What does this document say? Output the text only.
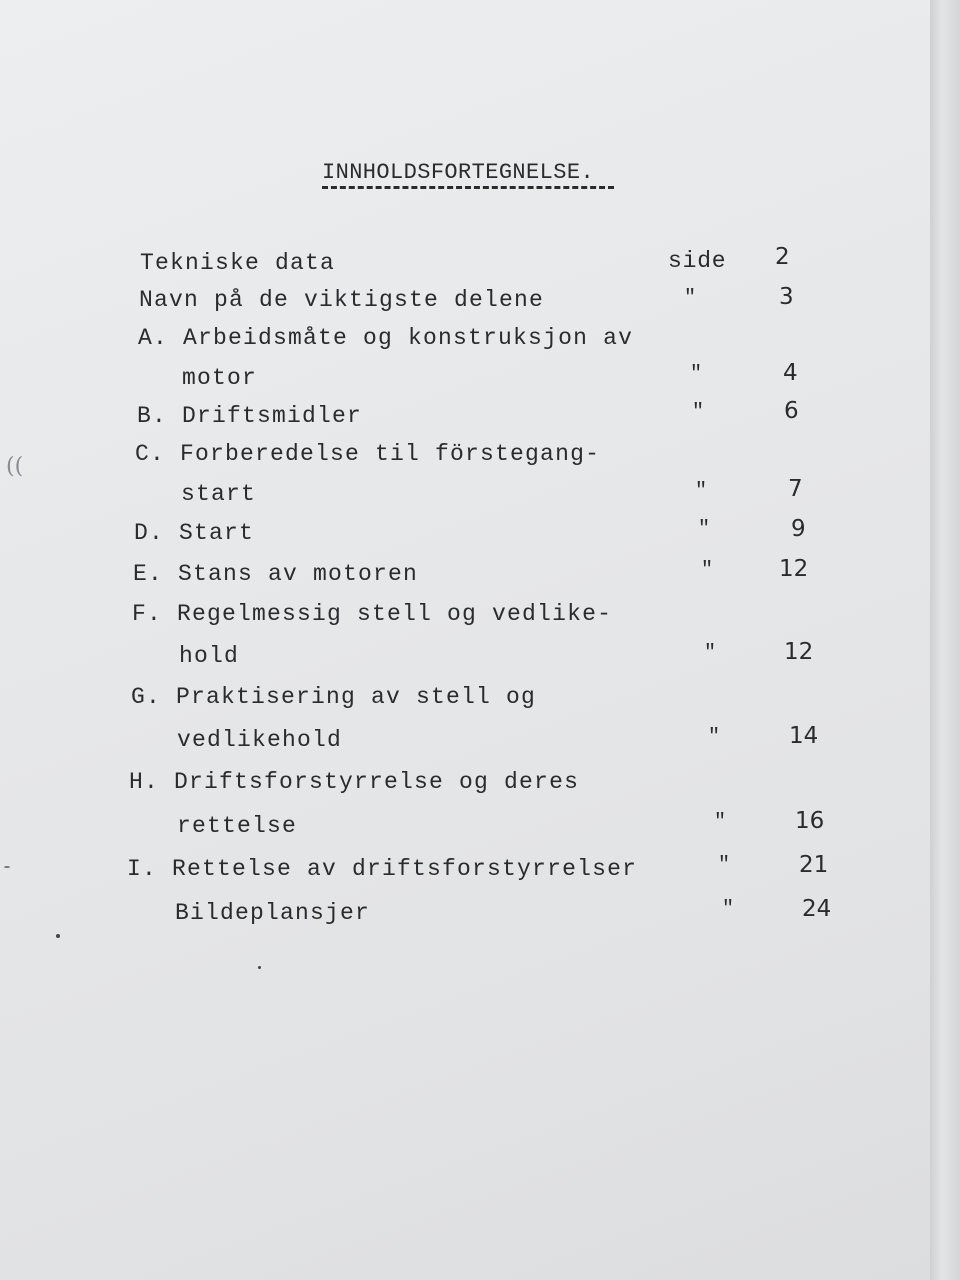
INNHOLDSFORTEGNELSE.
Tekniske data	side 2
Navn på de viktigste delene	"	3
A. Arbeidsmåte og konstruksjon av
motor	"	4
B. Driftsmidler	"	6
C. Forberedelse til förstegang-
start	"	7
D. Start	"	9
E. Stans av motoren	"	12
F. Regelmessig stell og vedlike-
hold	"	12
G. Praktisering av stell og
vedlikehold	"	14
H. Driftsforstyrrelse og deres
rettelse	"	16
I. Rettelse av driftsforstyrrelser	"	21
Bildeplansjer	"	24
((
